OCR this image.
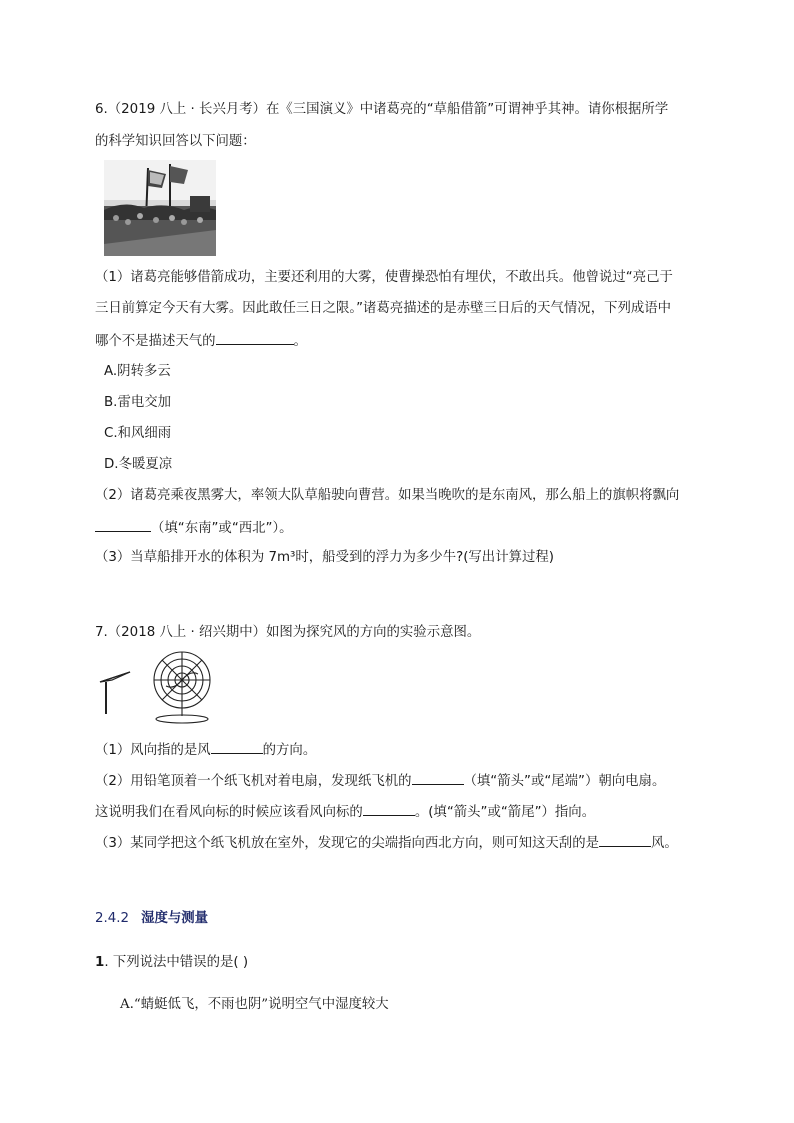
6.（2019 八上 · 长兴月考）在《三国演义》中诸葛亮的“草船借箭”可谓神乎其神。请你根据所学
的科学知识回答以下问题：
（1）诸葛亮能够借箭成功，主要还利用的大雾，使曹操恐怕有埋伏，不敢出兵。他曾说过“亮己于
三日前算定今天有大雾。因此敢任三日之限。”诸葛亮描述的是赤壁三日后的天气情况，下列成语中
哪个不是描述天气的	。
A.阴转多云
B.雷电交加
C.和风细雨
D.冬暖夏凉
（2）诸葛亮乘夜黑雾大，率领大队草船驶向曹营。如果当晚吹的是东南风，那么船上的旗帜将飘向
（填“东南”或“西北”）。
（3）当草船排开水的体积为 7m³时，船受到的浮力为多少牛?(写出计算过程)
7.（2018 八上 · 绍兴期中）如图为探究风的方向的实验示意图。
（1）风向指的是风	的方向。
（2）用铅笔顶着一个纸飞机对着电扇，发现纸飞机的	（填“箭头”或“尾端”）朝向电扇。
这说明我们在看风向标的时候应该看风向标的	。(填“箭头”或“箭尾”）指向。
（3）某同学把这个纸飞机放在室外，发现它的尖端指向西北方向，则可知这天刮的是	风。
2.4.2 湿度与测量
1. 下列说法中错误的是( )
A.“蜻蜓低飞，不雨也阴”说明空气中湿度较大
